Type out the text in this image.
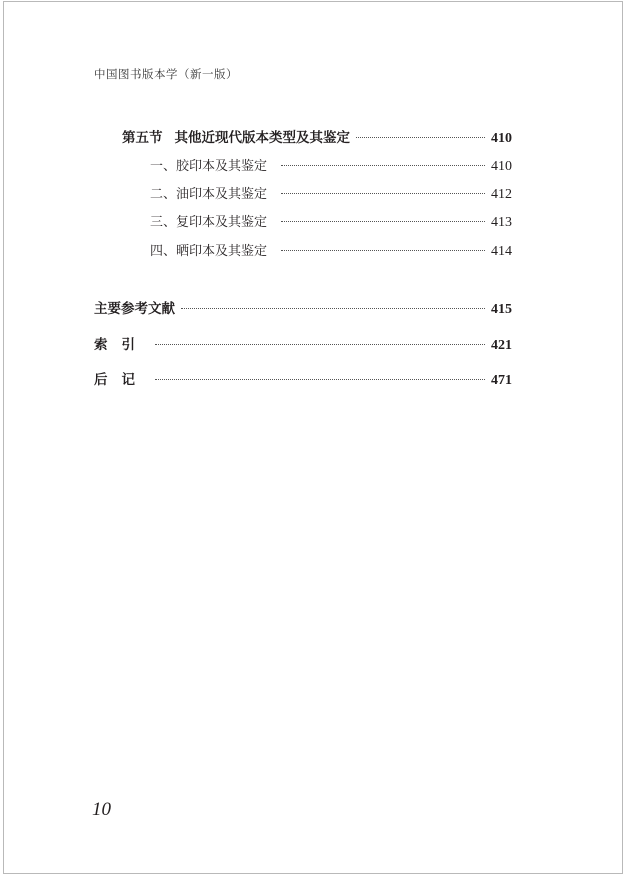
中国图书版本学（新一版）
第五节 其他近现代版本类型及其鉴定	410
一、胶印本及其鉴定	410
二、油印本及其鉴定	412
三、复印本及其鉴定	413
四、晒印本及其鉴定	414
主要参考文献	415
索引	421
后记	471
10
